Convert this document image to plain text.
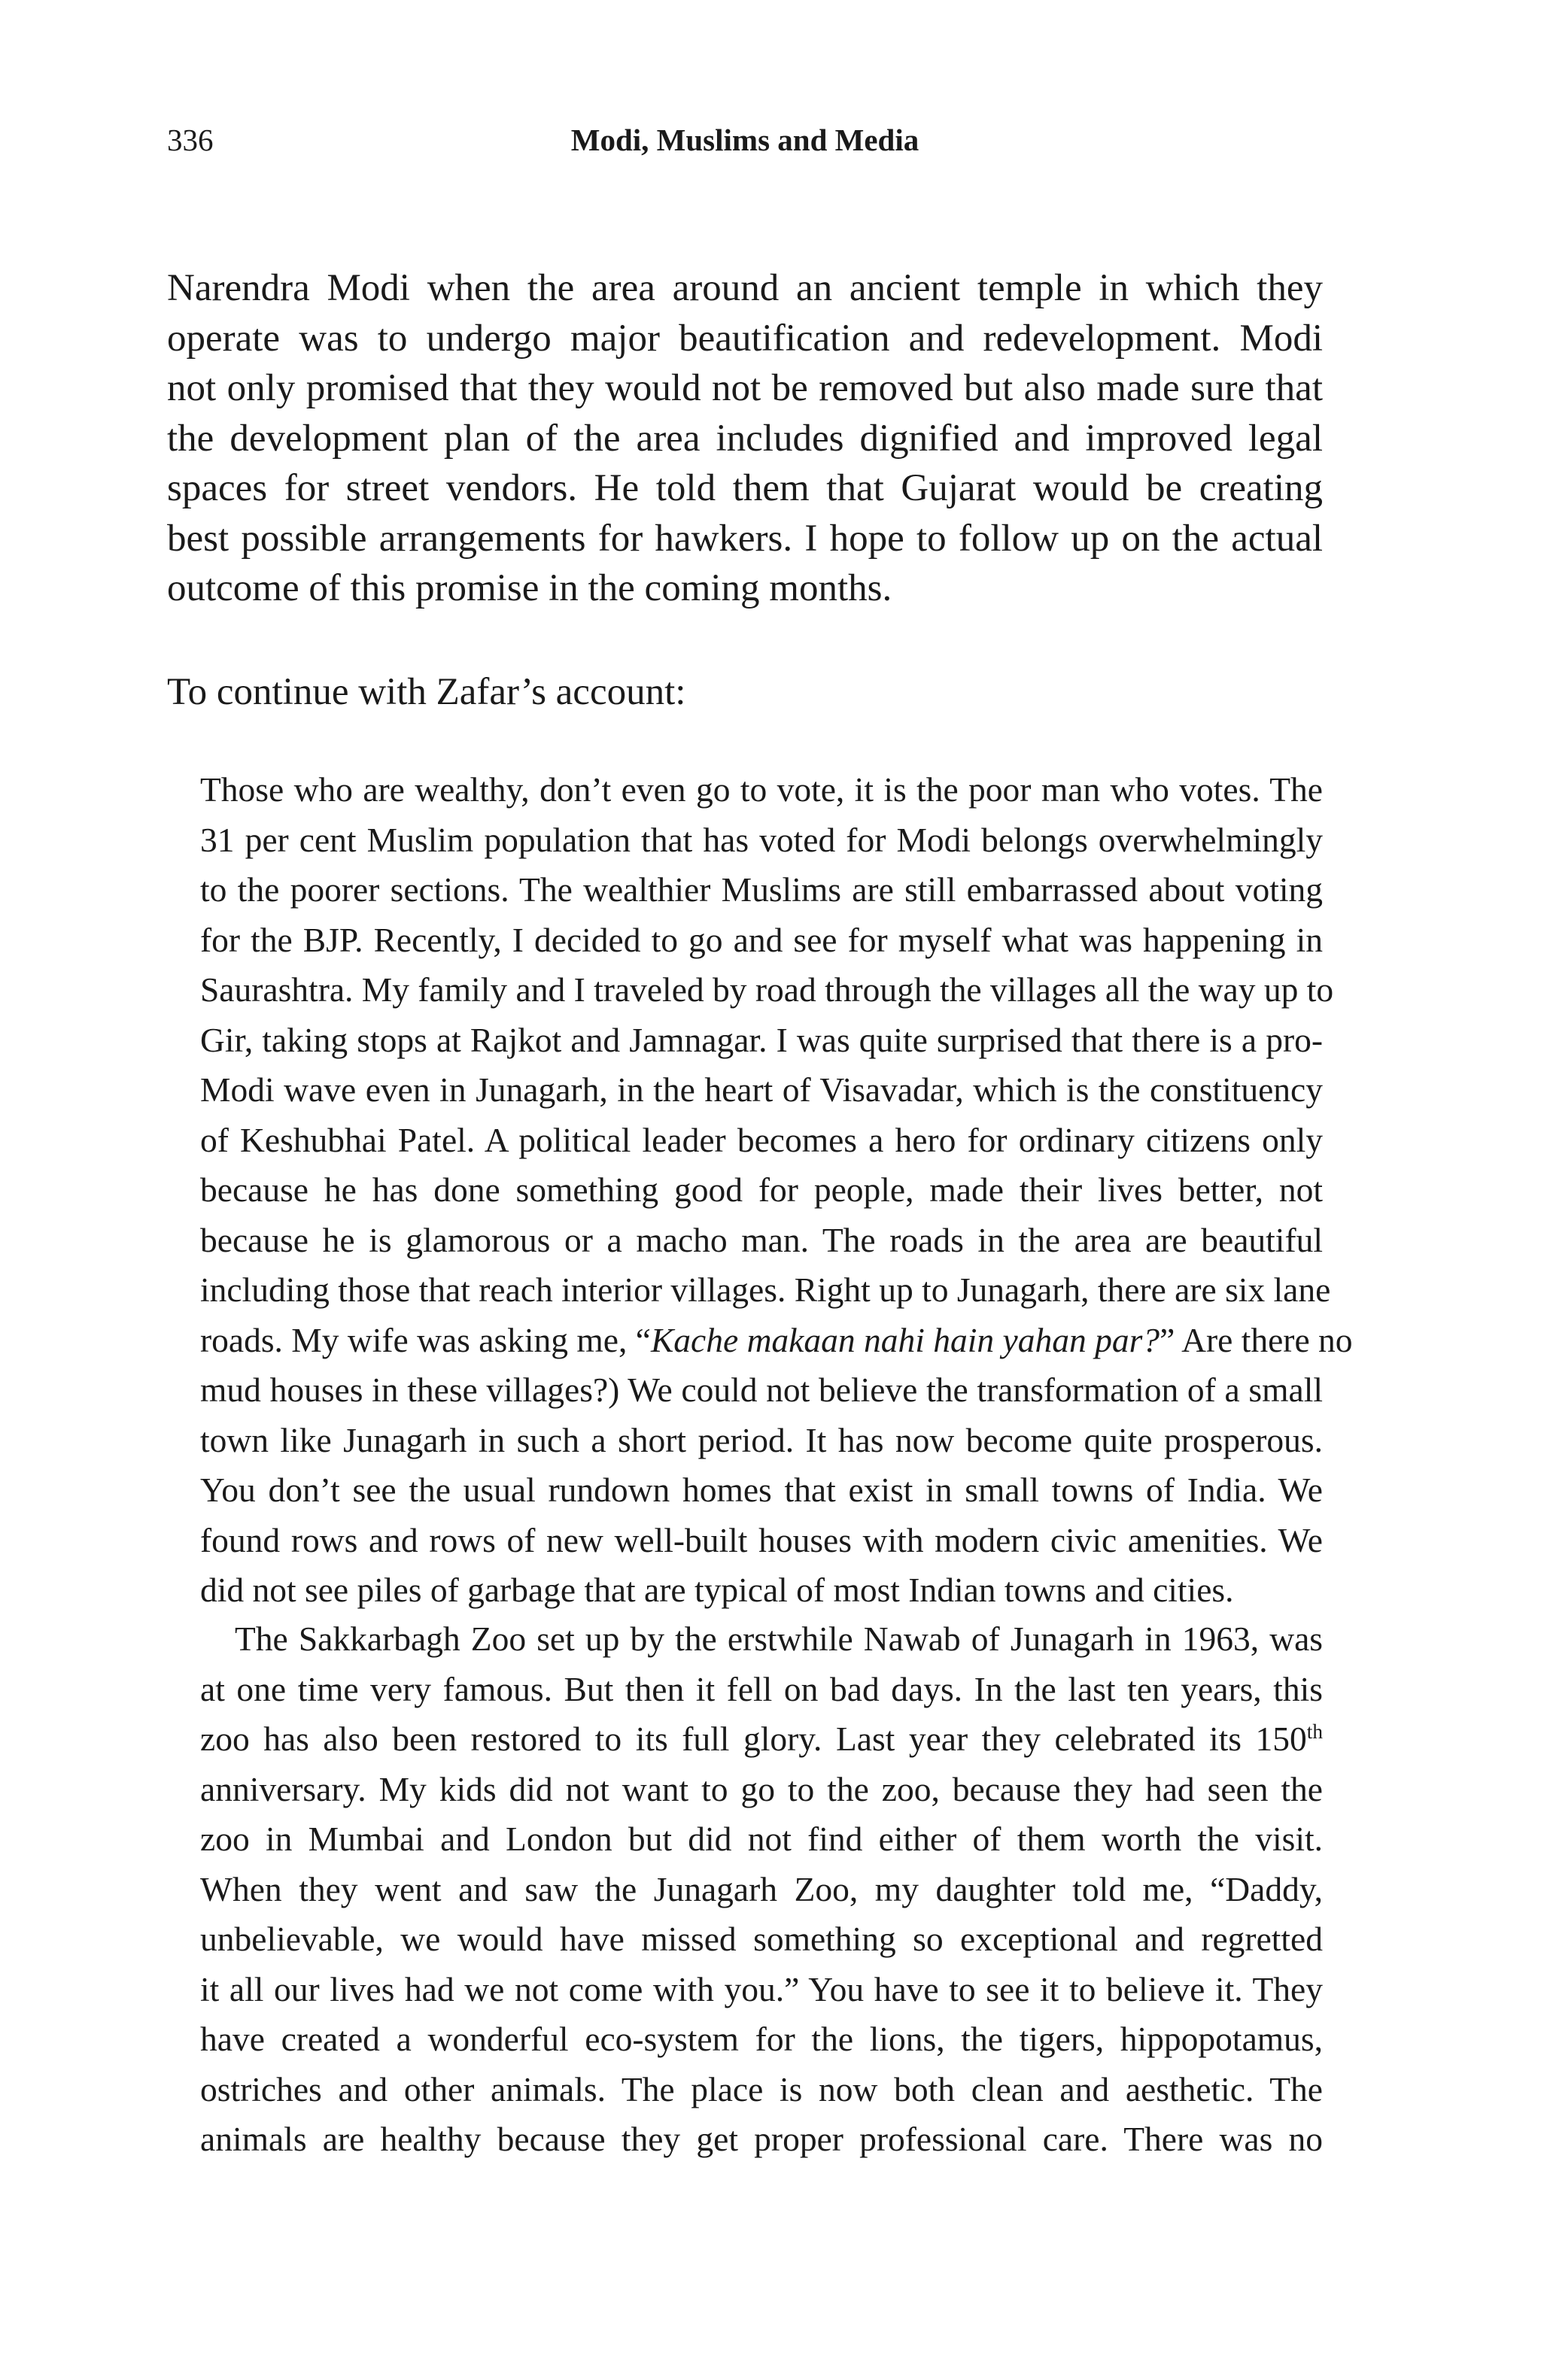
336	Modi, Muslims and Media
Narendra Modi when the area around an ancient temple in which they
operate was to undergo major beautification and redevelopment. Modi
not only promised that they would not be removed but also made sure that
the development plan of the area includes dignified and improved legal
spaces for street vendors. He told them that Gujarat would be creating
best possible arrangements for hawkers. I hope to follow up on the actual
outcome of this promise in the coming months.
To continue with Zafar’s account:
Those who are wealthy, don’t even go to vote, it is the poor man who votes. The
31 per cent Muslim population that has voted for Modi belongs overwhelmingly
to the poorer sections. The wealthier Muslims are still embarrassed about voting
for the BJP. Recently, I decided to go and see for myself what was happening in
Saurashtra. My family and I traveled by road through the villages all the way up to
Gir, taking stops at Rajkot and Jamnagar. I was quite surprised that there is a pro-
Modi wave even in Junagarh, in the heart of Visavadar, which is the constituency
of Keshubhai Patel. A political leader becomes a hero for ordinary citizens only
because he has done something good for people, made their lives better, not
because he is glamorous or a macho man. The roads in the area are beautiful
including those that reach interior villages. Right up to Junagarh, there are six lane
roads. My wife was asking me, “Kache makaan nahi hain yahan par?” Are there no
mud houses in these villages?) We could not believe the transformation of a small
town like Junagarh in such a short period. It has now become quite prosperous.
You don’t see the usual rundown homes that exist in small towns of India. We
found rows and rows of new well-built houses with modern civic amenities. We
did not see piles of garbage that are typical of most Indian towns and cities.
The Sakkarbagh Zoo set up by the erstwhile Nawab of Junagarh in 1963, was
at one time very famous. But then it fell on bad days. In the last ten years, this
zoo has also been restored to its full glory. Last year they celebrated its 150th
anniversary. My kids did not want to go to the zoo, because they had seen the
zoo in Mumbai and London but did not find either of them worth the visit.
When they went and saw the Junagarh Zoo, my daughter told me, “Daddy,
unbelievable, we would have missed something so exceptional and regretted
it all our lives had we not come with you.” You have to see it to believe it. They
have created a wonderful eco-system for the lions, the tigers, hippopotamus,
ostriches and other animals. The place is now both clean and aesthetic. The
animals are healthy because they get proper professional care. There was no
